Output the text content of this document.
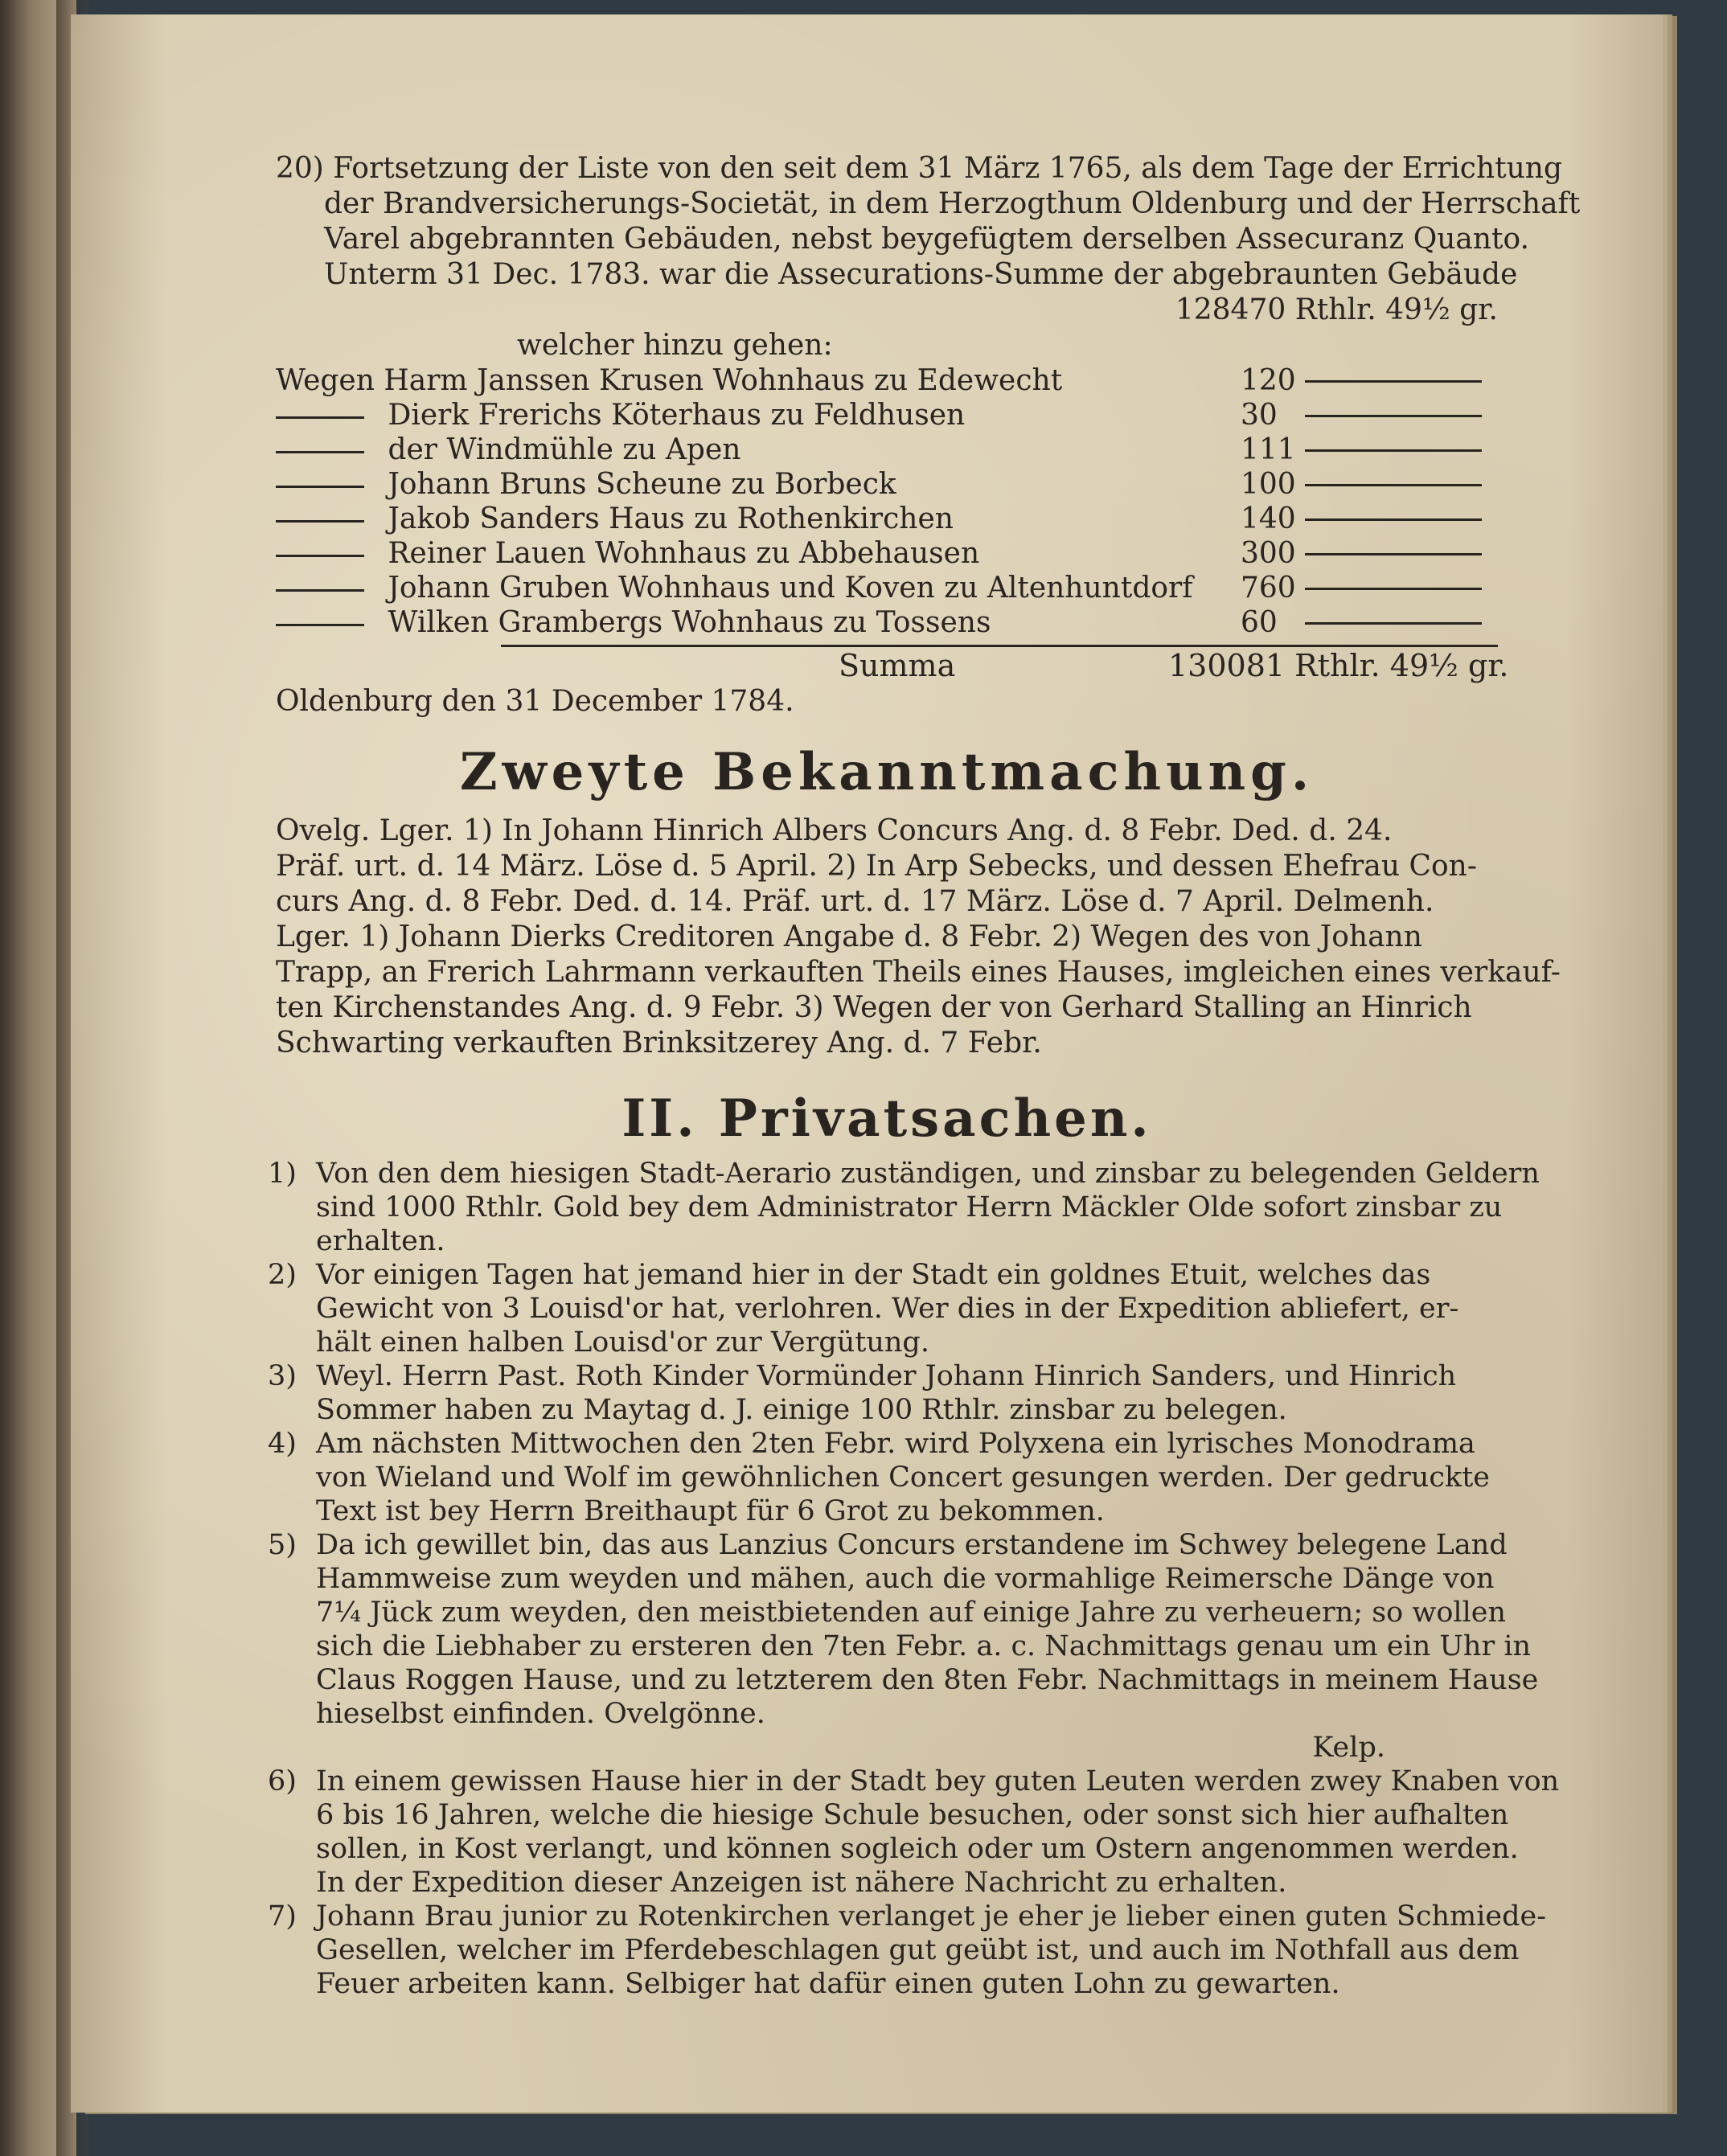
20) Fortsetzung der Liste von den seit dem 31 März 1765, als dem Tage der Errichtung

der Brandversicherungs-Societät, in dem Herzogthum Oldenburg und der Herrschaft

Varel abgebrannten Gebäuden, nebst beygefügtem derselben Assecuranz Quanto.

Unterm 31 Dec. 1783. war die Assecurations-Summe der abgebraunten Gebäude

128470 Rthlr. 49½ gr.

welcher hinzu gehen:

Wegen Harm Janssen Krusen Wohnhaus zu Edewecht	120
Dierk Frerichs Köterhaus zu Feldhusen	30
der Windmühle zu Apen	111
Johann Bruns Scheune zu Borbeck	100
Jakob Sanders Haus zu Rothenkirchen	140
Reiner Lauen Wohnhaus zu Abbehausen	300
Johann Gruben Wohnhaus und Koven zu Altenhuntdorf 760
Wilken Grambergs Wohnhaus zu Tossens	60
Summa	130081 Rthlr. 49½ gr.

Oldenburg den 31 December 1784.

Zweyte Bekanntmachung.

Ovelg. Lger. 1) In Johann Hinrich Albers Concurs Ang. d. 8 Febr. Ded. d. 24.

Präf. urt. d. 14 März. Löse d. 5 April. 2) In Arp Sebecks, und dessen Ehefrau Con-

curs Ang. d. 8 Febr. Ded. d. 14. Präf. urt. d. 17 März. Löse d. 7 April. Delmenh.

Lger. 1) Johann Dierks Creditoren Angabe d. 8 Febr. 2) Wegen des von Johann

Trapp, an Frerich Lahrmann verkauften Theils eines Hauses, imgleichen eines verkauf-

ten Kirchenstandes Ang. d. 9 Febr. 3) Wegen der von Gerhard Stalling an Hinrich

Schwarting verkauften Brinksitzerey Ang. d. 7 Febr.

II. Privatsachen.
1) Von den dem hiesigen Stadt-Aerario zuständigen, und zinsbar zu belegenden Geldern
sind 1000 Rthlr. Gold bey dem Administrator Herrn Mäckler Olde sofort zinsbar zu
erhalten.
2) Vor einigen Tagen hat jemand hier in der Stadt ein goldnes Etuit, welches das
Gewicht von 3 Louisd'or hat, verlohren. Wer dies in der Expedition abliefert, er-
hält einen halben Louisd'or zur Vergütung.
3) Weyl. Herrn Past. Roth Kinder Vormünder Johann Hinrich Sanders, und Hinrich
Sommer haben zu Maytag d. J. einige 100 Rthlr. zinsbar zu belegen.
4) Am nächsten Mittwochen den 2ten Febr. wird Polyxena ein lyrisches Monodrama
von Wieland und Wolf im gewöhnlichen Concert gesungen werden. Der gedruckte
Text ist bey Herrn Breithaupt für 6 Grot zu bekommen.
5) Da ich gewillet bin, das aus Lanzius Concurs erstandene im Schwey belegene Land
Hammweise zum weyden und mähen, auch die vormahlige Reimersche Dänge von
7¼ Jück zum weyden, den meistbietenden auf einige Jahre zu verheuern; so wollen
sich die Liebhaber zu ersteren den 7ten Febr. a. c. Nachmittags genau um ein Uhr in
Claus Roggen Hause, und zu letzterem den 8ten Febr. Nachmittags in meinem Hause
hieselbst einfinden. Ovelgönne.
Kelp.
6) In einem gewissen Hause hier in der Stadt bey guten Leuten werden zwey Knaben von
6 bis 16 Jahren, welche die hiesige Schule besuchen, oder sonst sich hier aufhalten
sollen, in Kost verlangt, und können sogleich oder um Ostern angenommen werden.
In der Expedition dieser Anzeigen ist nähere Nachricht zu erhalten.
7) Johann Brau junior zu Rotenkirchen verlanget je eher je lieber einen guten Schmiede-
Gesellen, welcher im Pferdebeschlagen gut geübt ist, und auch im Nothfall aus dem
Feuer arbeiten kann. Selbiger hat dafür einen guten Lohn zu gewarten.
